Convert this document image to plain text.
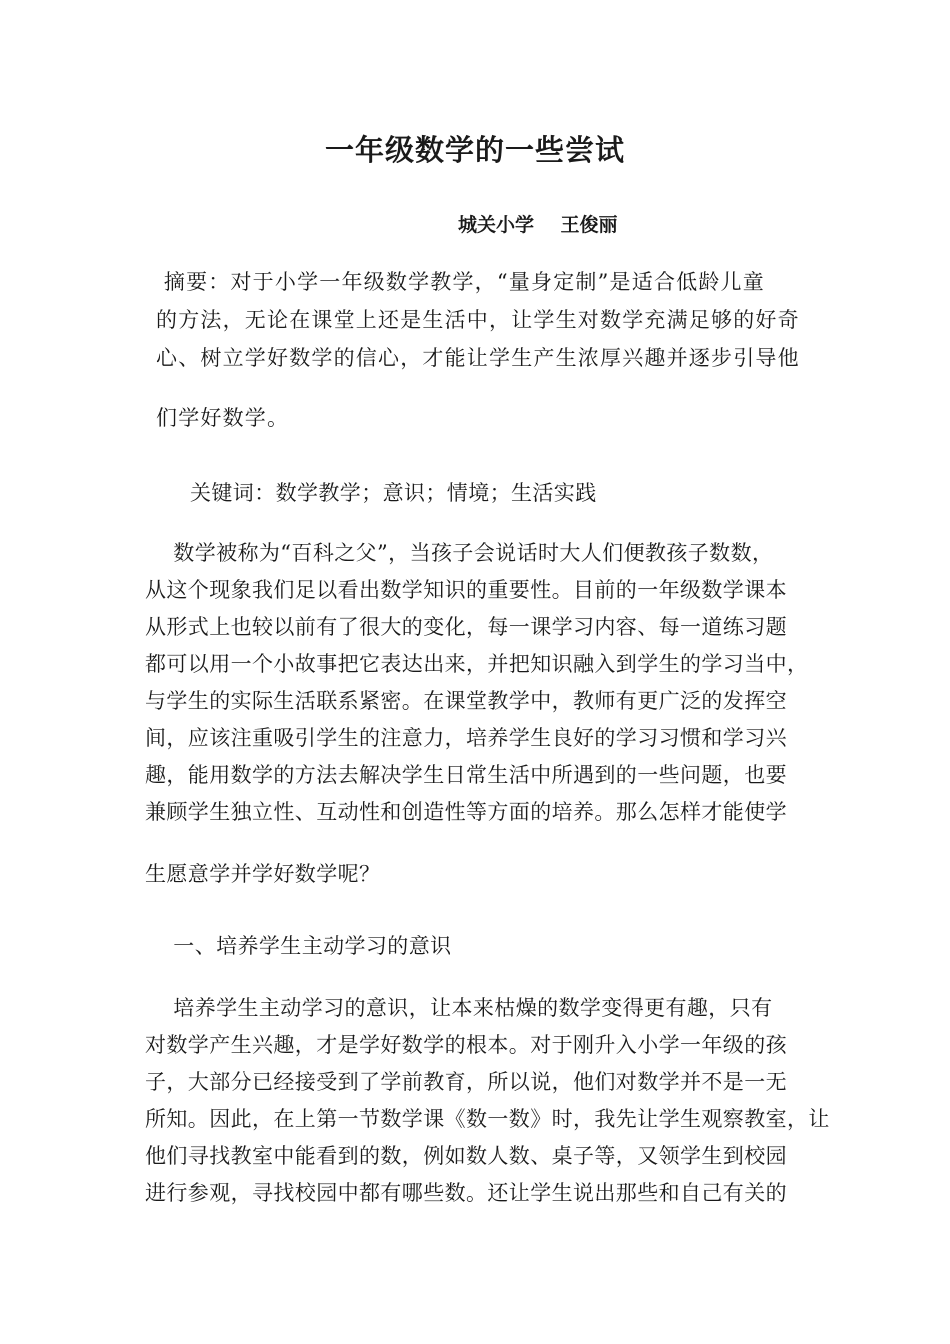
一年级数学的一些尝试
城关小学    王俊丽
摘要：对于小学一年级数学教学，“量身定制”是适合低龄儿童
的方法，无论在课堂上还是生活中，让学生对数学充满足够的好奇
心、树立学好数学的信心，才能让学生产生浓厚兴趣并逐步引导他
们学好数学。
关键词：数学教学；意识；情境；生活实践
数学被称为“百科之父”，当孩子会说话时大人们便教孩子数数，
从这个现象我们足以看出数学知识的重要性。目前的一年级数学课本
从形式上也较以前有了很大的变化，每一课学习内容、每一道练习题
都可以用一个小故事把它表达出来，并把知识融入到学生的学习当中，
与学生的实际生活联系紧密。在课堂教学中，教师有更广泛的发挥空
间，应该注重吸引学生的注意力，培养学生良好的学习习惯和学习兴
趣，能用数学的方法去解决学生日常生活中所遇到的一些问题，也要
兼顾学生独立性、互动性和创造性等方面的培养。那么怎样才能使学
生愿意学并学好数学呢？
一、培养学生主动学习的意识
培养学生主动学习的意识，让本来枯燥的数学变得更有趣，只有
对数学产生兴趣，才是学好数学的根本。对于刚升入小学一年级的孩
子，大部分已经接受到了学前教育，所以说，他们对数学并不是一无
所知。因此，在上第一节数学课《数一数》时，我先让学生观察教室，让
他们寻找教室中能看到的数，例如数人数、桌子等，又领学生到校园
进行参观，寻找校园中都有哪些数。还让学生说出那些和自己有关的
